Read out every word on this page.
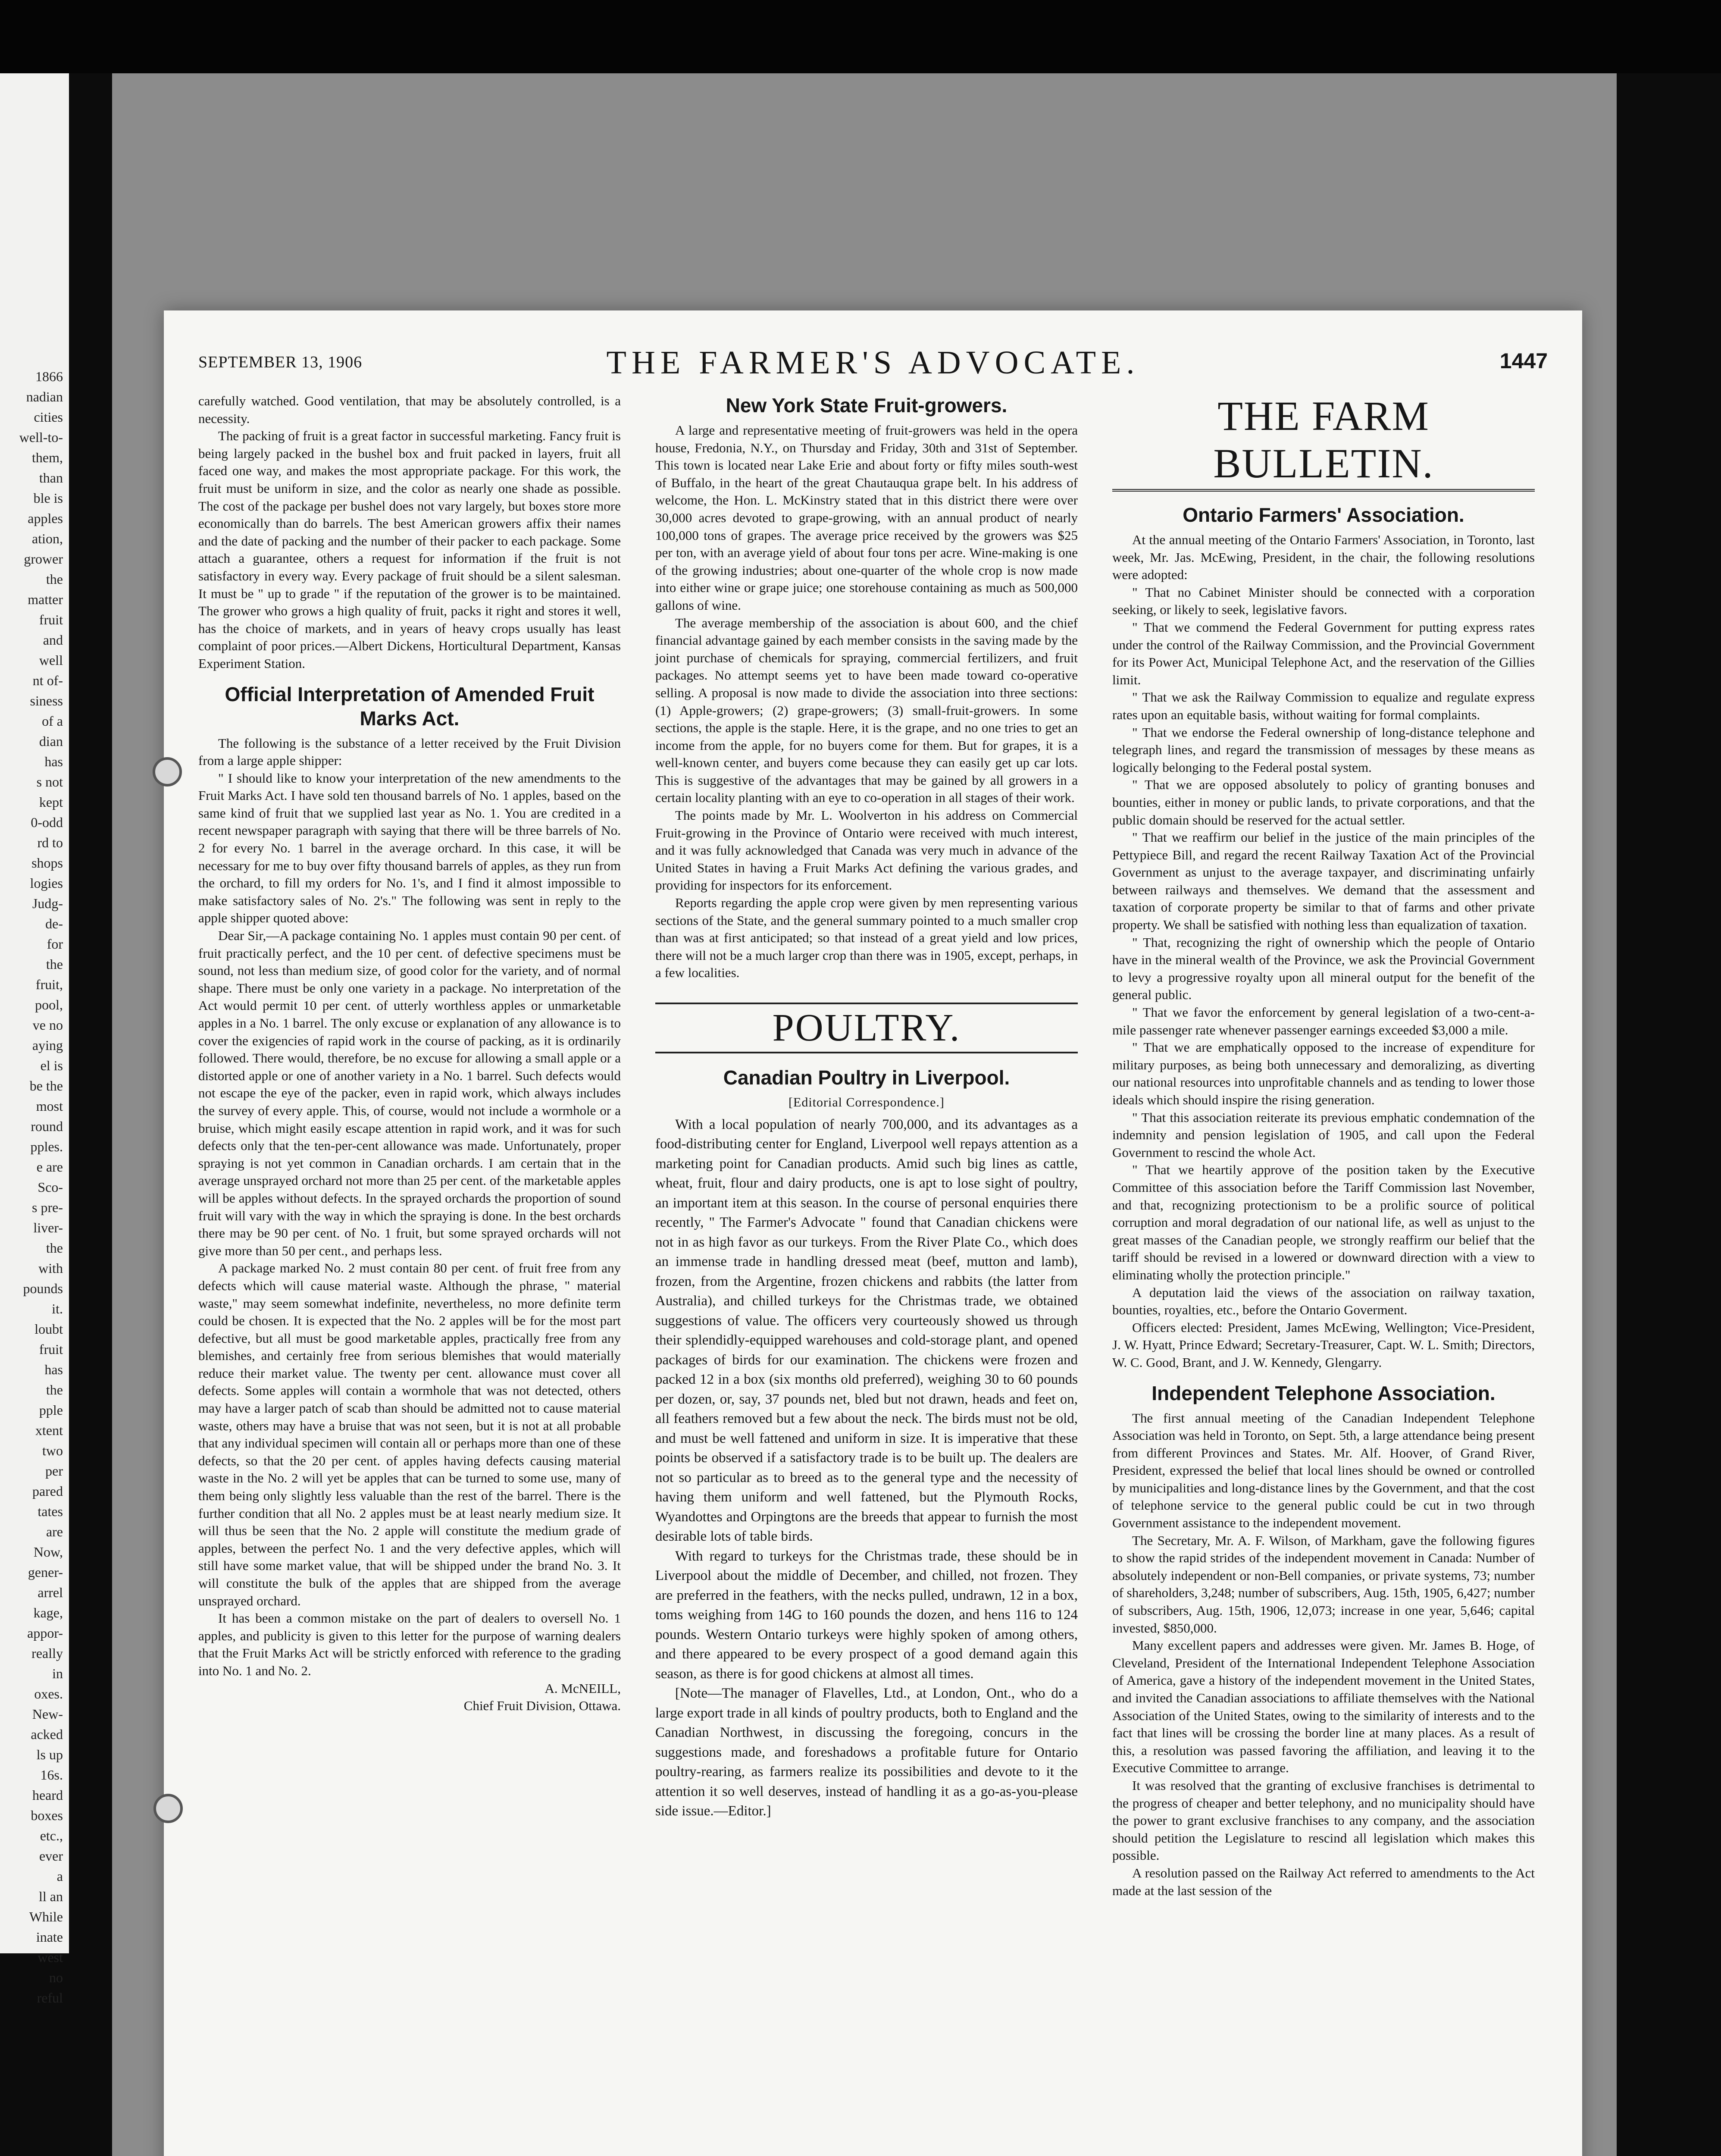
1866
nadian
cities
well-to-
them,
than
ble is
apples
ation,
grower
the
matter
fruit
and
well
nt of-
siness
of a
dian
has
s not
kept
0-odd
rd to
shops
logies
Judg-
de-
for
the
fruit,
pool,
ve no
aying
el is
be the
most
round
pples.
e are
Sco-
s pre-
liver-
the
with
pounds
it.
loubt
fruit
has
the
pple
xtent
two
per
pared
tates
are
Now,
gener-
arrel
kage,
appor-
really
in
oxes.
New-
acked
ls up
16s.
heard
boxes
etc.,
ever
a
ll an
While
inate
west
no
reful
SEPTEMBER 13, 1906	THE FARMER'S ADVOCATE.	1447

carefully watched. Good ventilation, that may be absolutely controlled, is a necessity.

The packing of fruit is a great factor in successful marketing. Fancy fruit is being largely packed in the bushel box and fruit packed in layers, fruit all faced one way, and makes the most appropriate package. For this work, the fruit must be uniform in size, and the color as nearly one shade as possible. The cost of the package per bushel does not vary largely, but boxes store more economically than do barrels. The best American growers affix their names and the date of packing and the number of their packer to each package. Some attach a guarantee, others a request for information if the fruit is not satisfactory in every way. Every package of fruit should be a silent salesman. It must be " up to grade " if the reputation of the grower is to be maintained. The grower who grows a high quality of fruit, packs it right and stores it well, has the choice of markets, and in years of heavy crops usually has least complaint of poor prices.—Albert Dickens, Horticultural Department, Kansas Experiment Station.

Official Interpretation of Amended Fruit Marks Act.

The following is the substance of a letter received by the Fruit Division from a large apple shipper:

" I should like to know your interpretation of the new amendments to the Fruit Marks Act. I have sold ten thousand barrels of No. 1 apples, based on the same kind of fruit that we supplied last year as No. 1. You are credited in a recent newspaper paragraph with saying that there will be three barrels of No. 2 for every No. 1 barrel in the average orchard. In this case, it will be necessary for me to buy over fifty thousand barrels of apples, as they run from the orchard, to fill my orders for No. 1's, and I find it almost impossible to make satisfactory sales of No. 2's." The following was sent in reply to the apple shipper quoted above:

Dear Sir,—A package containing No. 1 apples must contain 90 per cent. of fruit practically perfect, and the 10 per cent. of defective specimens must be sound, not less than medium size, of good color for the variety, and of normal shape. There must be only one variety in a package. No interpretation of the Act would permit 10 per cent. of utterly worthless apples or unmarketable apples in a No. 1 barrel. The only excuse or explanation of any allowance is to cover the exigencies of rapid work in the course of packing, as it is ordinarily followed. There would, therefore, be no excuse for allowing a small apple or a distorted apple or one of another variety in a No. 1 barrel. Such defects would not escape the eye of the packer, even in rapid work, which always includes the survey of every apple. This, of course, would not include a wormhole or a bruise, which might easily escape attention in rapid work, and it was for such defects only that the ten-per-cent allowance was made. Unfortunately, proper spraying is not yet common in Canadian orchards. I am certain that in the average unsprayed orchard not more than 25 per cent. of the marketable apples will be apples without defects. In the sprayed orchards the proportion of sound fruit will vary with the way in which the spraying is done. In the best orchards there may be 90 per cent. of No. 1 fruit, but some sprayed orchards will not give more than 50 per cent., and perhaps less.

A package marked No. 2 must contain 80 per cent. of fruit free from any defects which will cause material waste. Although the phrase, " material waste," may seem somewhat indefinite, nevertheless, no more definite term could be chosen. It is expected that the No. 2 apples will be for the most part defective, but all must be good marketable apples, practically free from any blemishes, and certainly free from serious blemishes that would materially reduce their market value. The twenty per cent. allowance must cover all defects. Some apples will contain a wormhole that was not detected, others may have a larger patch of scab than should be admitted not to cause material waste, others may have a bruise that was not seen, but it is not at all probable that any individual specimen will contain all or perhaps more than one of these defects, so that the 20 per cent. of apples having defects causing material waste in the No. 2 will yet be apples that can be turned to some use, many of them being only slightly less valuable than the rest of the barrel. There is the further condition that all No. 2 apples must be at least nearly medium size. It will thus be seen that the No. 2 apple will constitute the medium grade of apples, between the perfect No. 1 and the very defective apples, which will still have some market value, that will be shipped under the brand No. 3. It will constitute the bulk of the apples that are shipped from the average unsprayed orchard.

It has been a common mistake on the part of dealers to oversell No. 1 apples, and publicity is given to this letter for the purpose of warning dealers that the Fruit Marks Act will be strictly enforced with reference to the grading into No. 1 and No. 2.

A. McNEILL,

Chief Fruit Division, Ottawa.

New York State Fruit-growers.

A large and representative meeting of fruit-growers was held in the opera house, Fredonia, N.Y., on Thursday and Friday, 30th and 31st of September. This town is located near Lake Erie and about forty or fifty miles south-west of Buffalo, in the heart of the great Chautauqua grape belt. In his address of welcome, the Hon. L. McKinstry stated that in this district there were over 30,000 acres devoted to grape-growing, with an annual product of nearly 100,000 tons of grapes. The average price received by the growers was $25 per ton, with an average yield of about four tons per acre. Wine-making is one of the growing industries; about one-quarter of the whole crop is now made into either wine or grape juice; one storehouse containing as much as 500,000 gallons of wine.

The average membership of the association is about 600, and the chief financial advantage gained by each member consists in the saving made by the joint purchase of chemicals for spraying, commercial fertilizers, and fruit packages. No attempt seems yet to have been made toward co-operative selling. A proposal is now made to divide the association into three sections: (1) Apple-growers; (2) grape-growers; (3) small-fruit-growers. In some sections, the apple is the staple. Here, it is the grape, and no one tries to get an income from the apple, for no buyers come for them. But for grapes, it is a well-known center, and buyers come because they can easily get up car lots. This is suggestive of the advantages that may be gained by all growers in a certain locality planting with an eye to co-operation in all stages of their work.

The points made by Mr. L. Woolverton in his address on Commercial Fruit-growing in the Province of Ontario were received with much interest, and it was fully acknowledged that Canada was very much in advance of the United States in having a Fruit Marks Act defining the various grades, and providing for inspectors for its enforcement.

Reports regarding the apple crop were given by men representing various sections of the State, and the general summary pointed to a much smaller crop than was at first anticipated; so that instead of a great yield and low prices, there will not be a much larger crop than there was in 1905, except, perhaps, in a few localities.

POULTRY.
Canadian Poultry in Liverpool.
[Editorial Correspondence.]

With a local population of nearly 700,000, and its advantages as a food-distributing center for England, Liverpool well repays attention as a marketing point for Canadian products. Amid such big lines as cattle, wheat, fruit, flour and dairy products, one is apt to lose sight of poultry, an important item at this season. In the course of personal enquiries there recently, " The Farmer's Advocate " found that Canadian chickens were not in as high favor as our turkeys. From the River Plate Co., which does an immense trade in handling dressed meat (beef, mutton and lamb), frozen, from the Argentine, frozen chickens and rabbits (the latter from Australia), and chilled turkeys for the Christmas trade, we obtained suggestions of value. The officers very courteously showed us through their splendidly-equipped warehouses and cold-storage plant, and opened packages of birds for our examination. The chickens were frozen and packed 12 in a box (six months old preferred), weighing 30 to 60 pounds per dozen, or, say, 37 pounds net, bled but not drawn, heads and feet on, all feathers removed but a few about the neck. The birds must not be old, and must be well fattened and uniform in size. It is imperative that these points be observed if a satisfactory trade is to be built up. The dealers are not so particular as to breed as to the general type and the necessity of having them uniform and well fattened, but the Plymouth Rocks, Wyandottes and Orpingtons are the breeds that appear to furnish the most desirable lots of table birds.

With regard to turkeys for the Christmas trade, these should be in Liverpool about the middle of December, and chilled, not frozen. They are preferred in the feathers, with the necks pulled, undrawn, 12 in a box, toms weighing from 14G to 160 pounds the dozen, and hens 116 to 124 pounds. Western Ontario turkeys were highly spoken of among others, and there appeared to be every prospect of a good demand again this season, as there is for good chickens at almost all times.

[Note—The manager of Flavelles, Ltd., at London, Ont., who do a large export trade in all kinds of poultry products, both to England and the Canadian Northwest, in discussing the foregoing, concurs in the suggestions made, and foreshadows a profitable future for Ontario poultry-rearing, as farmers realize its possibilities and devote to it the attention it so well deserves, instead of handling it as a go-as-you-please side issue.—Editor.]

THE FARM BULLETIN.
Ontario Farmers' Association.

At the annual meeting of the Ontario Farmers' Association, in Toronto, last week, Mr. Jas. McEwing, President, in the chair, the following resolutions were adopted:

" That no Cabinet Minister should be connected with a corporation seeking, or likely to seek, legislative favors.

" That we commend the Federal Government for putting express rates under the control of the Railway Commission, and the Provincial Government for its Power Act, Municipal Telephone Act, and the reservation of the Gillies limit.

" That we ask the Railway Commission to equalize and regulate express rates upon an equitable basis, without waiting for formal complaints.

" That we endorse the Federal ownership of long-distance telephone and telegraph lines, and regard the transmission of messages by these means as logically belonging to the Federal postal system.

" That we are opposed absolutely to policy of granting bonuses and bounties, either in money or public lands, to private corporations, and that the public domain should be reserved for the actual settler.

" That we reaffirm our belief in the justice of the main principles of the Pettypiece Bill, and regard the recent Railway Taxation Act of the Provincial Government as unjust to the average taxpayer, and discriminating unfairly between railways and themselves. We demand that the assessment and taxation of corporate property be similar to that of farms and other private property. We shall be satisfied with nothing less than equalization of taxation.

" That, recognizing the right of ownership which the people of Ontario have in the mineral wealth of the Province, we ask the Provincial Government to levy a progressive royalty upon all mineral output for the benefit of the general public.

" That we favor the enforcement by general legislation of a two-cent-a-mile passenger rate whenever passenger earnings exceeded $3,000 a mile.

" That we are emphatically opposed to the increase of expenditure for military purposes, as being both unnecessary and demoralizing, as diverting our national resources into unprofitable channels and as tending to lower those ideals which should inspire the rising generation.

" That this association reiterate its previous emphatic condemnation of the indemnity and pension legislation of 1905, and call upon the Federal Government to rescind the whole Act.

" That we heartily approve of the position taken by the Executive Committee of this association before the Tariff Commission last November, and that, recognizing protectionism to be a prolific source of political corruption and moral degradation of our national life, as well as unjust to the great masses of the Canadian people, we strongly reaffirm our belief that the tariff should be revised in a lowered or downward direction with a view to eliminating wholly the protection principle."

A deputation laid the views of the association on railway taxation, bounties, royalties, etc., before the Ontario Goverment.

Officers elected: President, James McEwing, Wellington; Vice-President, J. W. Hyatt, Prince Edward; Secretary-Treasurer, Capt. W. L. Smith; Directors, W. C. Good, Brant, and J. W. Kennedy, Glengarry.

Independent Telephone Association.

The first annual meeting of the Canadian Independent Telephone Association was held in Toronto, on Sept. 5th, a large attendance being present from different Provinces and States. Mr. Alf. Hoover, of Grand River, President, expressed the belief that local lines should be owned or controlled by municipalities and long-distance lines by the Government, and that the cost of telephone service to the general public could be cut in two through Government assistance to the independent movement.

The Secretary, Mr. A. F. Wilson, of Markham, gave the following figures to show the rapid strides of the independent movement in Canada: Number of absolutely independent or non-Bell companies, or private systems, 73; number of shareholders, 3,248; number of subscribers, Aug. 15th, 1905, 6,427; number of subscribers, Aug. 15th, 1906, 12,073; increase in one year, 5,646; capital invested, $850,000.

Many excellent papers and addresses were given. Mr. James B. Hoge, of Cleveland, President of the International Independent Telephone Association of America, gave a history of the independent movement in the United States, and invited the Canadian associations to affiliate themselves with the National Association of the United States, owing to the similarity of interests and to the fact that lines will be crossing the border line at many places. As a result of this, a resolution was passed favoring the affiliation, and leaving it to the Executive Committee to arrange.

It was resolved that the granting of exclusive franchises is detrimental to the progress of cheaper and better telephony, and no municipality should have the power to grant exclusive franchises to any company, and the association should petition the Legislature to rescind all legislation which makes this possible.

A resolution passed on the Railway Act referred to amendments to the Act made at the last session of the
